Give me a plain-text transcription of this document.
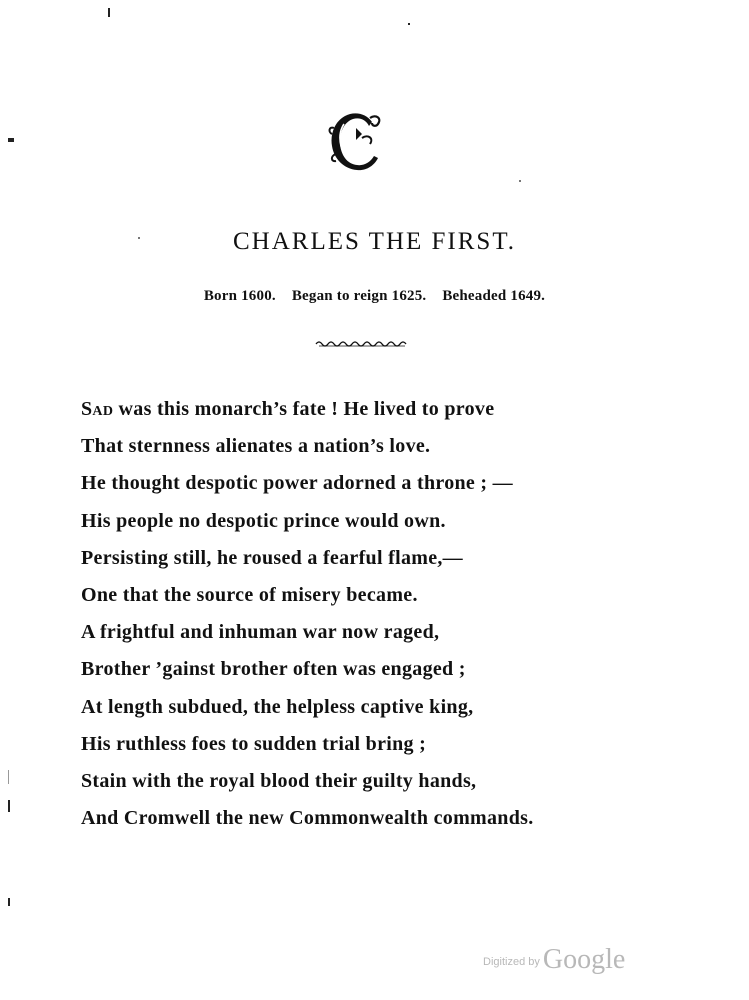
CHARLES THE FIRST.
Born 1600. Began to reign 1625. Beheaded 1649.
Sad was this monarch’s fate ! He lived to prove
That sternness alienates a nation’s love.
He thought despotic power adorned a throne ; —
His people no despotic prince would own.
Persisting still, he roused a fearful flame,—
One that the source of misery became.
A frightful and inhuman war now raged,
Brother ’gainst brother often was engaged ;
At length subdued, the helpless captive king,
His ruthless foes to sudden trial bring ;
Stain with the royal blood their guilty hands,
And Cromwell the new Commonwealth commands.
Digitized by Google
